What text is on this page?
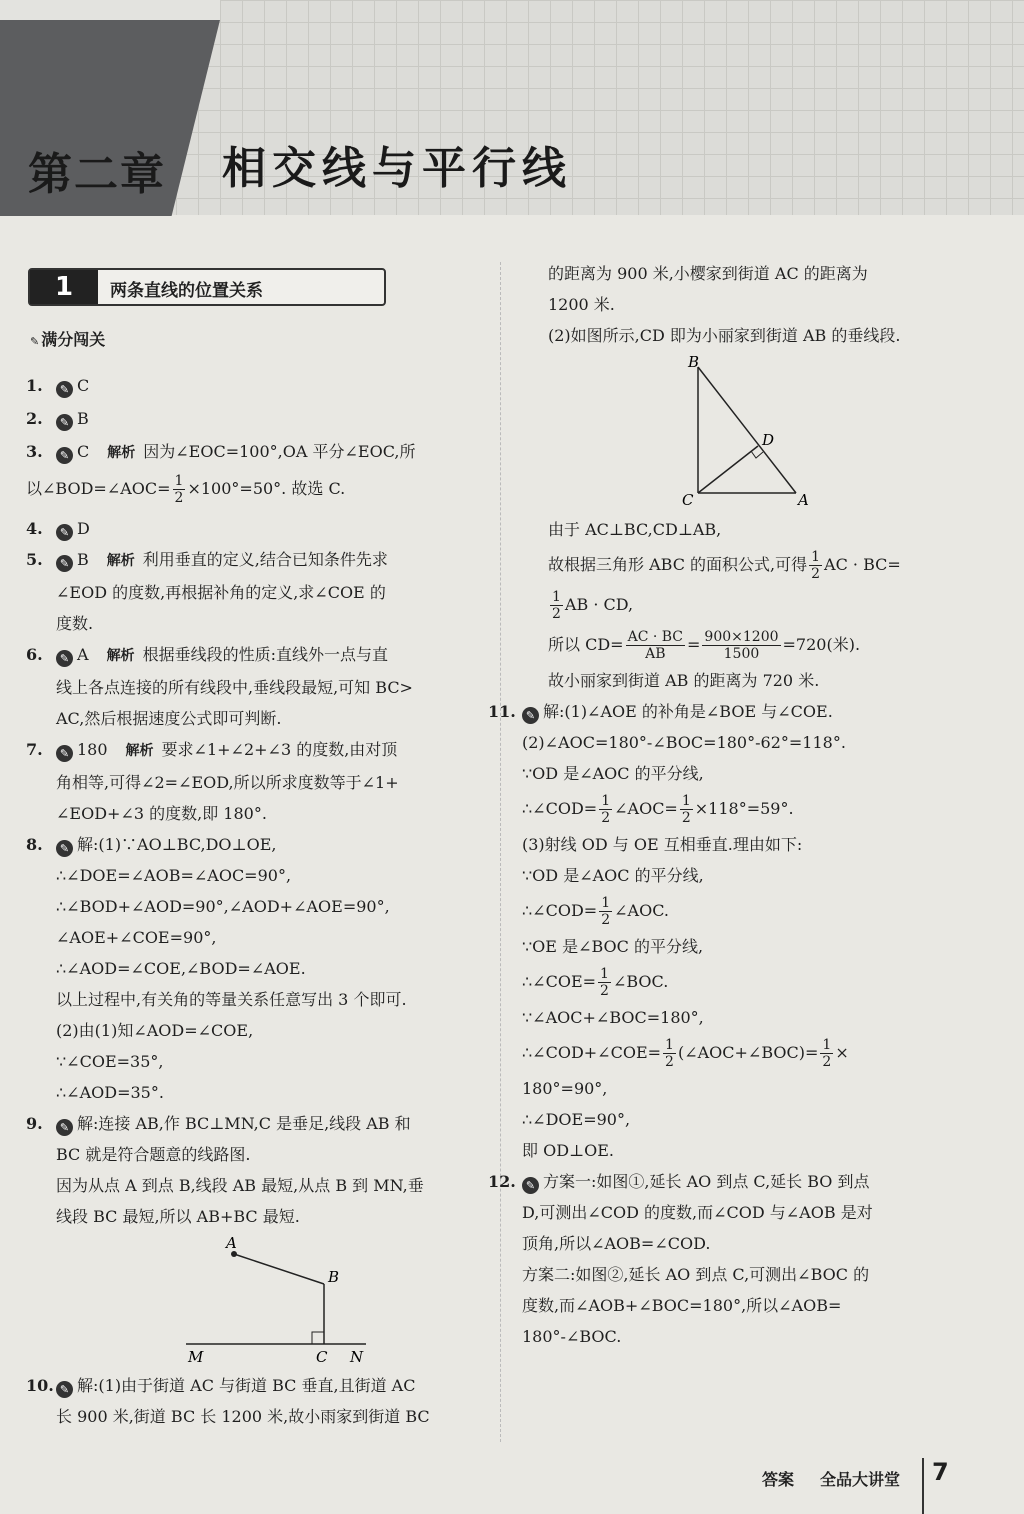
第二章 相交线与平行线
1	两条直线的位置关系
✎ 满分闯关
1. ✎ C
2. ✎ B
3.	✎ C 解析 因为∠EOC=100°,OA 平分∠EOC,所
以∠BOD=∠AOC= $\frac{1}{2} \times 100^\circ=50^\circ$. 故选 C.
4. ✎ D
5.	✎ B 解析 利用垂直的定义,结合已知条件先求
∠EOD 的度数,再根据补角的定义,求∠COE 的
度数.
6.	✎ A 解析 根据垂线段的性质:直线外一点与直
线上各点连接的所有线段中,垂线段最短,可知 BC>
AC,然后根据速度公式即可判断.
7.	✎ 180 解析 要求∠1+∠2+∠3 的度数,由对顶
角相等,可得∠2=∠EOD,所以所求度数等于∠1+
∠EOD+∠3 的度数,即 180°.
8.	✎ 解:(1)∵AO⊥BC,DO⊥OE,
∴∠DOE=∠AOB=∠AOC=90°,
∴∠BOD+∠AOD=90°,∠AOD+∠AOE=90°,
∠AOE+∠COE=90°,
∴∠AOD=∠COE,∠BOD=∠AOE.
以上过程中,有关角的等量关系任意写出 3 个即可.
(2)由(1)知∠AOD=∠COE,
∵∠COE=35°,
∴∠AOD=35°.
9.	✎ 解:连接 AB,作 BC⊥MN,C 是垂足,线段 AB 和
BC 就是符合题意的线路图.
因为从点 A 到点 B,线段 AB 最短,从点 B 到 MN,垂
线段 BC 最短,所以 AB+BC 最短.
A
B
M	C N
10. ✎ 解:(1)由于街道 AC 与街道 BC 垂直,且街道 AC
长 900 米,街道 BC 长 1200 米,故小雨家到街道 BC
的距离为 900 米,小樱家到街道 AC 的距离为
1200 米.
(2)如图所示,CD 即为小丽家到街道 AB 的垂线段.
B
D
C	A
由于 AC⊥BC,CD⊥AB,
故根据三角形 ABC 的面积公式,可得 $\frac{1}{2}$ AC · BC=
$\frac{1}{2}$ AB · CD,
所以 $CD= \frac{AC \cdot BC}{AB} = \frac{900\times 1200}{1500} =720$(米).
故小丽家到街道 AB 的距离为 720 米.
11. ✎ 解:(1)∠AOE 的补角是∠BOE 与∠COE.
(2)∠AOC=180°-∠BOC=180°-62°=118°.
∵OD 是∠AOC 的平分线,
∴∠COD= $\frac{1}{2}$ ∠AOC= $\frac{1}{2} \times 118^\circ=59^\circ$.
(3)射线 OD 与 OE 互相垂直.理由如下:
∵OD 是∠AOC 的平分线,
∴∠COD= $\frac{1}{2}$ ∠AOC.
∵OE 是∠BOC 的平分线,
∴∠COE= $\frac{1}{2}$ ∠BOC.
∵∠AOC+∠BOC=180°,
∴∠COD+∠COE= $\frac{1}{2}$ (∠AOC+∠BOC)= $\frac{1}{2}$ ×
180°=90°,
∴∠DOE=90°,
即 OD⊥OE.
12. ✎ 方案一:如图①,延长 AO 到点 C,延长 BO 到点
D,可测出∠COD 的度数,而∠COD 与∠AOB 是对
顶角,所以∠AOB=∠COD.
方案二:如图②,延长 AO 到点 C,可测出∠BOC 的
度数,而∠AOB+∠BOC=180°,所以∠AOB=
180°-∠BOC.
答案 全品大讲堂 7
